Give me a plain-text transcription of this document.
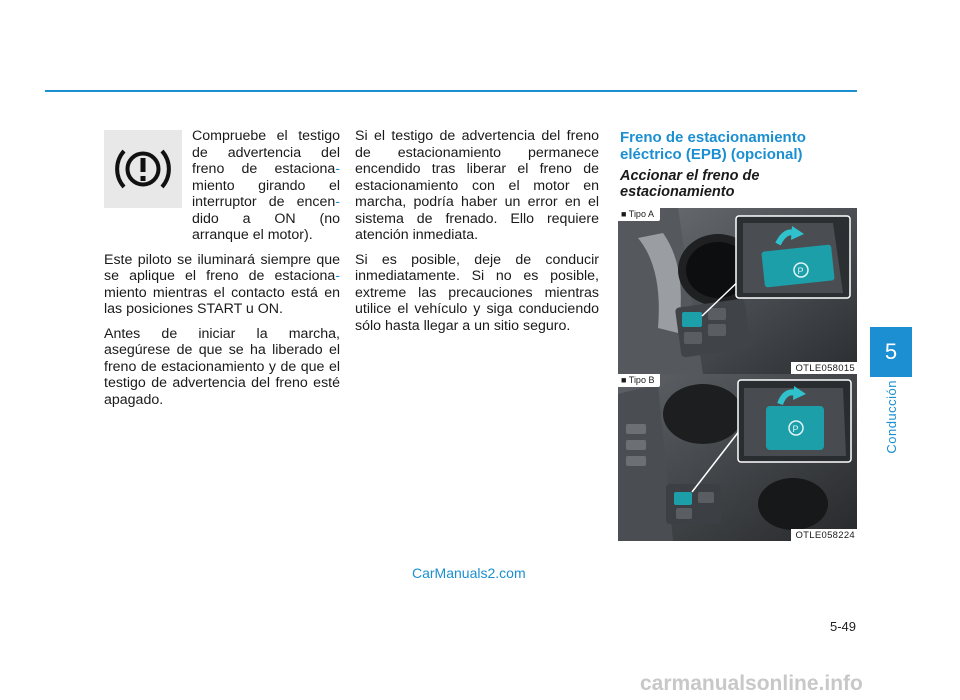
5
Conducción
Compruebe el testigo de advertencia del freno de estaciona-miento girando el interruptor de encen-dido a ON (no arranque el motor).

Este piloto se iluminará siempre que se aplique el freno de estaciona-miento mientras el contacto está en las posiciones START u ON.

Antes de iniciar la marcha, asegúrese de que se ha liberado el freno de estacionamiento y de que el testigo de advertencia del freno esté apagado.

Si el testigo de advertencia del freno de estacionamiento permanece encendido tras liberar el freno de estacionamiento con el motor en marcha, podría haber un error en el sistema de frenado. Ello requiere atención inmediata.

Si es posible, deje de conducir inmediatamente. Si no es posible, extreme las precauciones mientras utilice el vehículo y siga conduciendo sólo hasta llegar a un sitio seguro.

Freno de estacionamiento eléctrico (EPB) (opcional)
Accionar el freno de estacionamiento
P
■ Tipo A
OTLE058015
P
■ Tipo B
OTLE058224
CarManuals2.com
5-49
carmanualsonline.info
